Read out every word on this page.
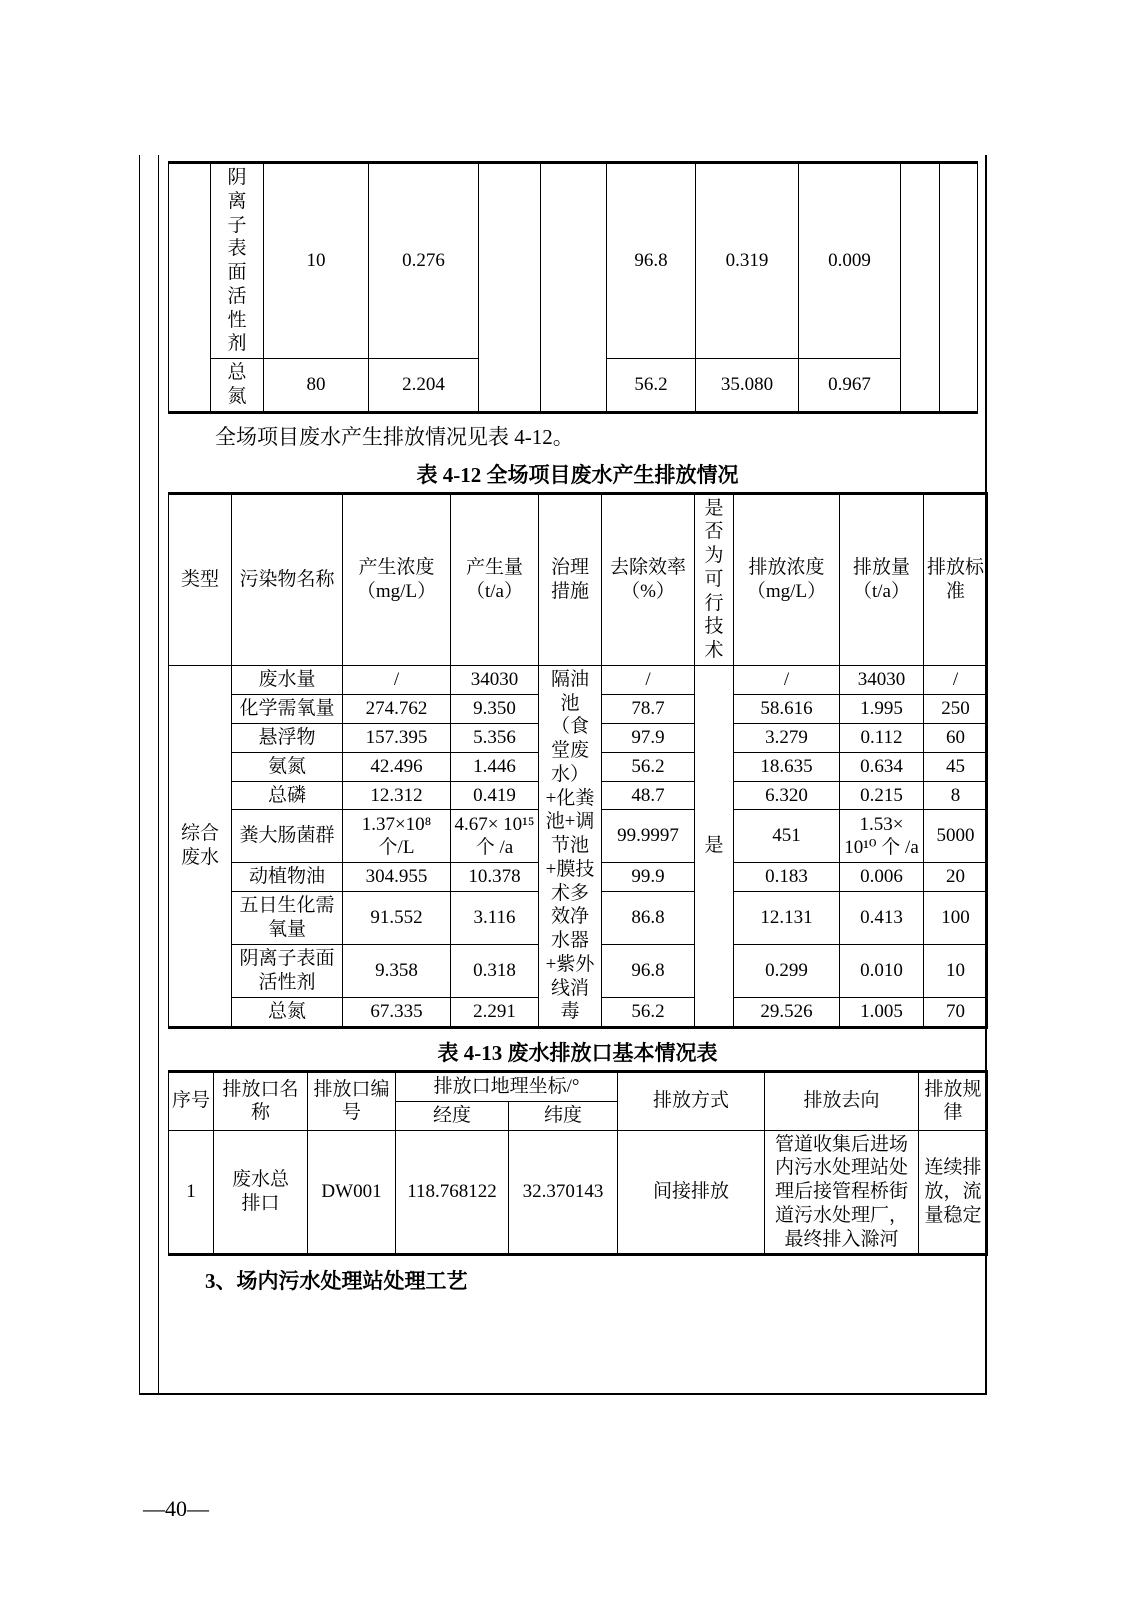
	阴离子表面活性剂	10	0.276			96.8	0.319	0.009		
	总氮	80	2.204			56.2	35.080	0.967		

全场项目废水产生排放情况见表 4-12。

表 4-12 全场项目废水产生排放情况
类型	污染物名称	产生浓度（mg/L）	产生量（t/a）	治理措施	去除效率（%）	是否为可行技术	排放浓度（mg/L）	排放量（t/a）	排放标准
综合废水	废水量	/	34030	隔油池（食堂废水）+化粪池+调节池+膜技术多效净水器+紫外线消毒	/	是	/	34030	/
	化学需氧量	274.762	9.350		78.7		58.616	1.995	250
	悬浮物	157.395	5.356		97.9		3.279	0.112	60
	氨氮	42.496	1.446		56.2		18.635	0.634	45
	总磷	12.312	0.419		48.7		6.320	0.215	8
	粪大肠菌群	1.37×10⁸ 个/L	4.67× 10¹⁵ 个 /a		99.9997		451	1.53× 10¹⁰ 个 /a	5000
	动植物油	304.955	10.378		99.9		0.183	0.006	20
	五日生化需氧量	91.552	3.116		86.8		12.131	0.413	100
	阴离子表面活性剂	9.358	0.318		96.8		0.299	0.010	10
	总氮	67.335	2.291		56.2		29.526	1.005	70
表 4-13 废水排放口基本情况表
序号	排放口名称	排放口编号	排放口地理坐标/°		排放方式	排放去向	排放规律
			经度	纬度			
1	废水总排口	DW001	118.768122	32.370143	间接排放	管道收集后进场内污水处理站处理后接管程桥街道污水处理厂，最终排入滁河	连续排放，流量稳定
3、场内污水处理站处理工艺
—40—
